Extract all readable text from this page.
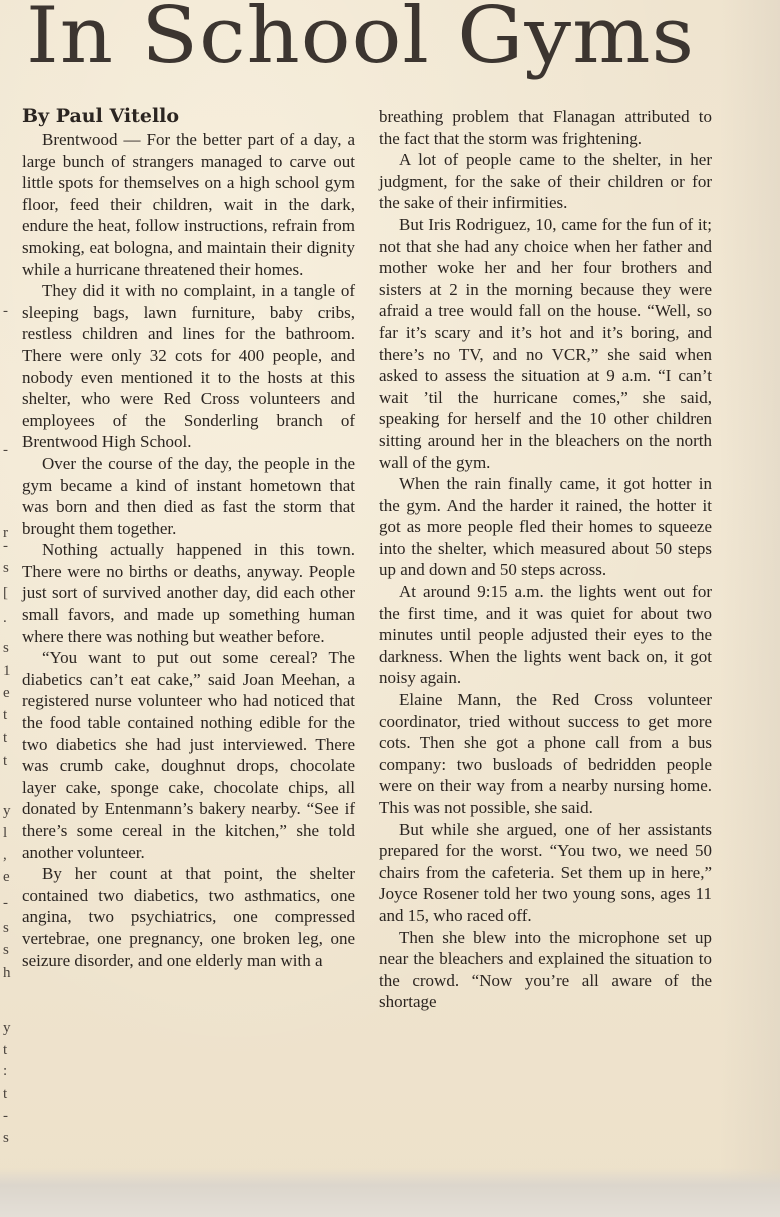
In School Gyms
-
-
r
-
s
[
.
s
1
e
t
t
t
y
l
,
e
-
s
s
h
y
t
:
t
-
s

By Paul Vitello

Brentwood — For the better part of a day, a large bunch of strangers managed to carve out little spots for themselves on a high school gym floor, feed their children, wait in the dark, endure the heat, follow instructions, refrain from smoking, eat bologna, and maintain their dignity while a hurricane threatened their homes.

They did it with no complaint, in a tangle of sleeping bags, lawn furniture, baby cribs, restless children and lines for the bathroom. There were only 32 cots for 400 people, and nobody even mentioned it to the hosts at this shelter, who were Red Cross volunteers and employees of the Sonderling branch of Brentwood High School.

Over the course of the day, the people in the gym became a kind of instant hometown that was born and then died as fast the storm that brought them together.

Nothing actually happened in this town. There were no births or deaths, anyway. People just sort of survived another day, did each other small favors, and made up something human where there was nothing but weather before.

“You want to put out some cereal? The diabetics can’t eat cake,” said Joan Meehan, a registered nurse volunteer who had noticed that the food table contained nothing edible for the two diabetics she had just interviewed. There was crumb cake, doughnut drops, chocolate layer cake, sponge cake, chocolate chips, all donated by Entenmann’s bakery nearby. “See if there’s some cereal in the kitchen,” she told another volunteer.

By her count at that point, the shelter contained two diabetics, two asthmatics, one angina, two psychiatrics, one compressed vertebrae, one pregnancy, one broken leg, one seizure disorder, and one elderly man with a

breathing problem that Flanagan attributed to the fact that the storm was frightening.

A lot of people came to the shelter, in her judgment, for the sake of their children or for the sake of their infirmities.

But Iris Rodriguez, 10, came for the fun of it; not that she had any choice when her father and mother woke her and her four brothers and sisters at 2 in the morning because they were afraid a tree would fall on the house. “Well, so far it’s scary and it’s hot and it’s boring, and there’s no TV, and no VCR,” she said when asked to assess the situation at 9 a.m. “I can’t wait ’til the hurricane comes,” she said, speaking for herself and the 10 other children sitting around her in the bleachers on the north wall of the gym.

When the rain finally came, it got hotter in the gym. And the harder it rained, the hotter it got as more people fled their homes to squeeze into the shelter, which measured about 50 steps up and down and 50 steps across.

At around 9:15 a.m. the lights went out for the first time, and it was quiet for about two minutes until people adjusted their eyes to the darkness. When the lights went back on, it got noisy again.

Elaine Mann, the Red Cross volunteer coordinator, tried without success to get more cots. Then she got a phone call from a bus company: two busloads of bedridden people were on their way from a nearby nursing home. This was not possible, she said.

But while she argued, one of her assistants prepared for the worst. “You two, we need 50 chairs from the cafeteria. Set them up in here,” Joyce Rosener told her two young sons, ages 11 and 15, who raced off.

Then she blew into the microphone set up near the bleachers and explained the situation to the crowd. “Now you’re all aware of the shortage
